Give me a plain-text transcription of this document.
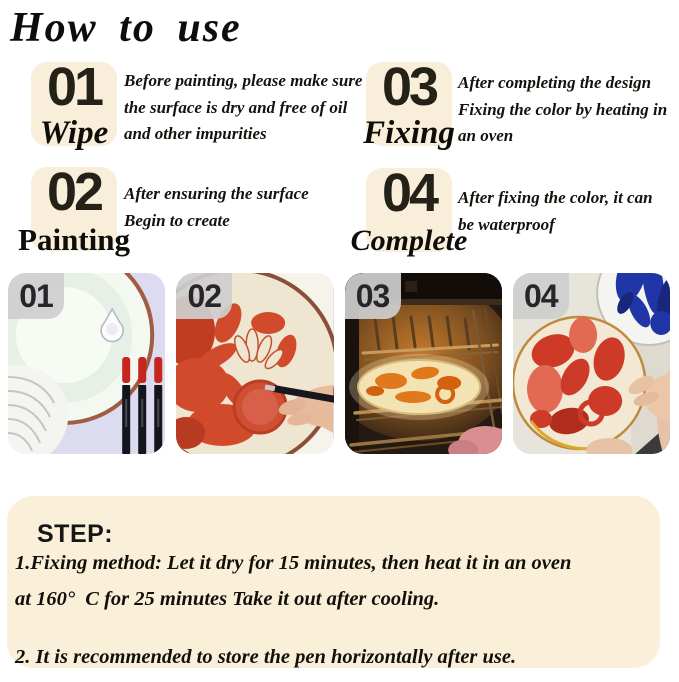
How to use
01
Wipe
Before painting, please make sure
the surface is dry and free of oil
and other impurities
03
Fixing
After completing the design
Fixing the color by heating in
an oven
02
Painting
After ensuring the surface
Begin to create	04
Complete
After fixing the color, it can
be waterproof
01	02	03	04
STEP:
1.Fixing method: Let it dry for 15 minutes, then heat it in an oven
at 160°  C for 25 minutes Take it out after cooling.
2. It is recommended to store the pen horizontally after use.
